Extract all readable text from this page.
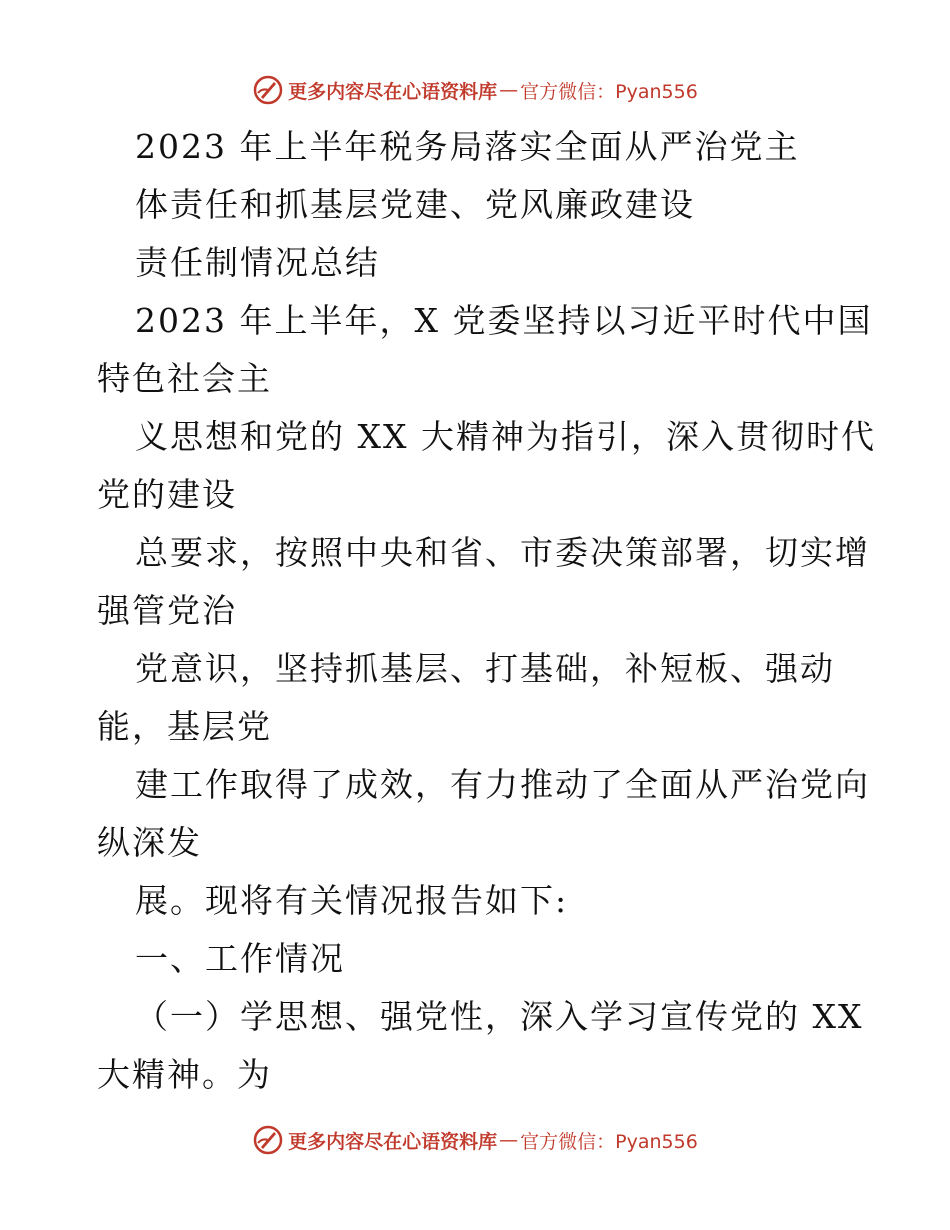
更多内容尽在心语资料库 — 官方微信：Pyan556
2023 年上半年税务局落实全面从严治党主
体责任和抓基层党建、党风廉政建设
责任制情况总结
2023 年上半年，X 党委坚持以习近平时代中国
特色社会主
义思想和党的 XX 大精神为指引，深入贯彻时代
党的建设
总要求，按照中央和省、市委决策部署，切实增
强管党治
党意识，坚持抓基层、打基础，补短板、强动
能，基层党
建工作取得了成效，有力推动了全面从严治党向
纵深发
展。现将有关情况报告如下:
一、工作情况
（一）学思想、强党性，深入学习宣传党的 XX
大精神。为
更多内容尽在心语资料库 — 官方微信：Pyan556
